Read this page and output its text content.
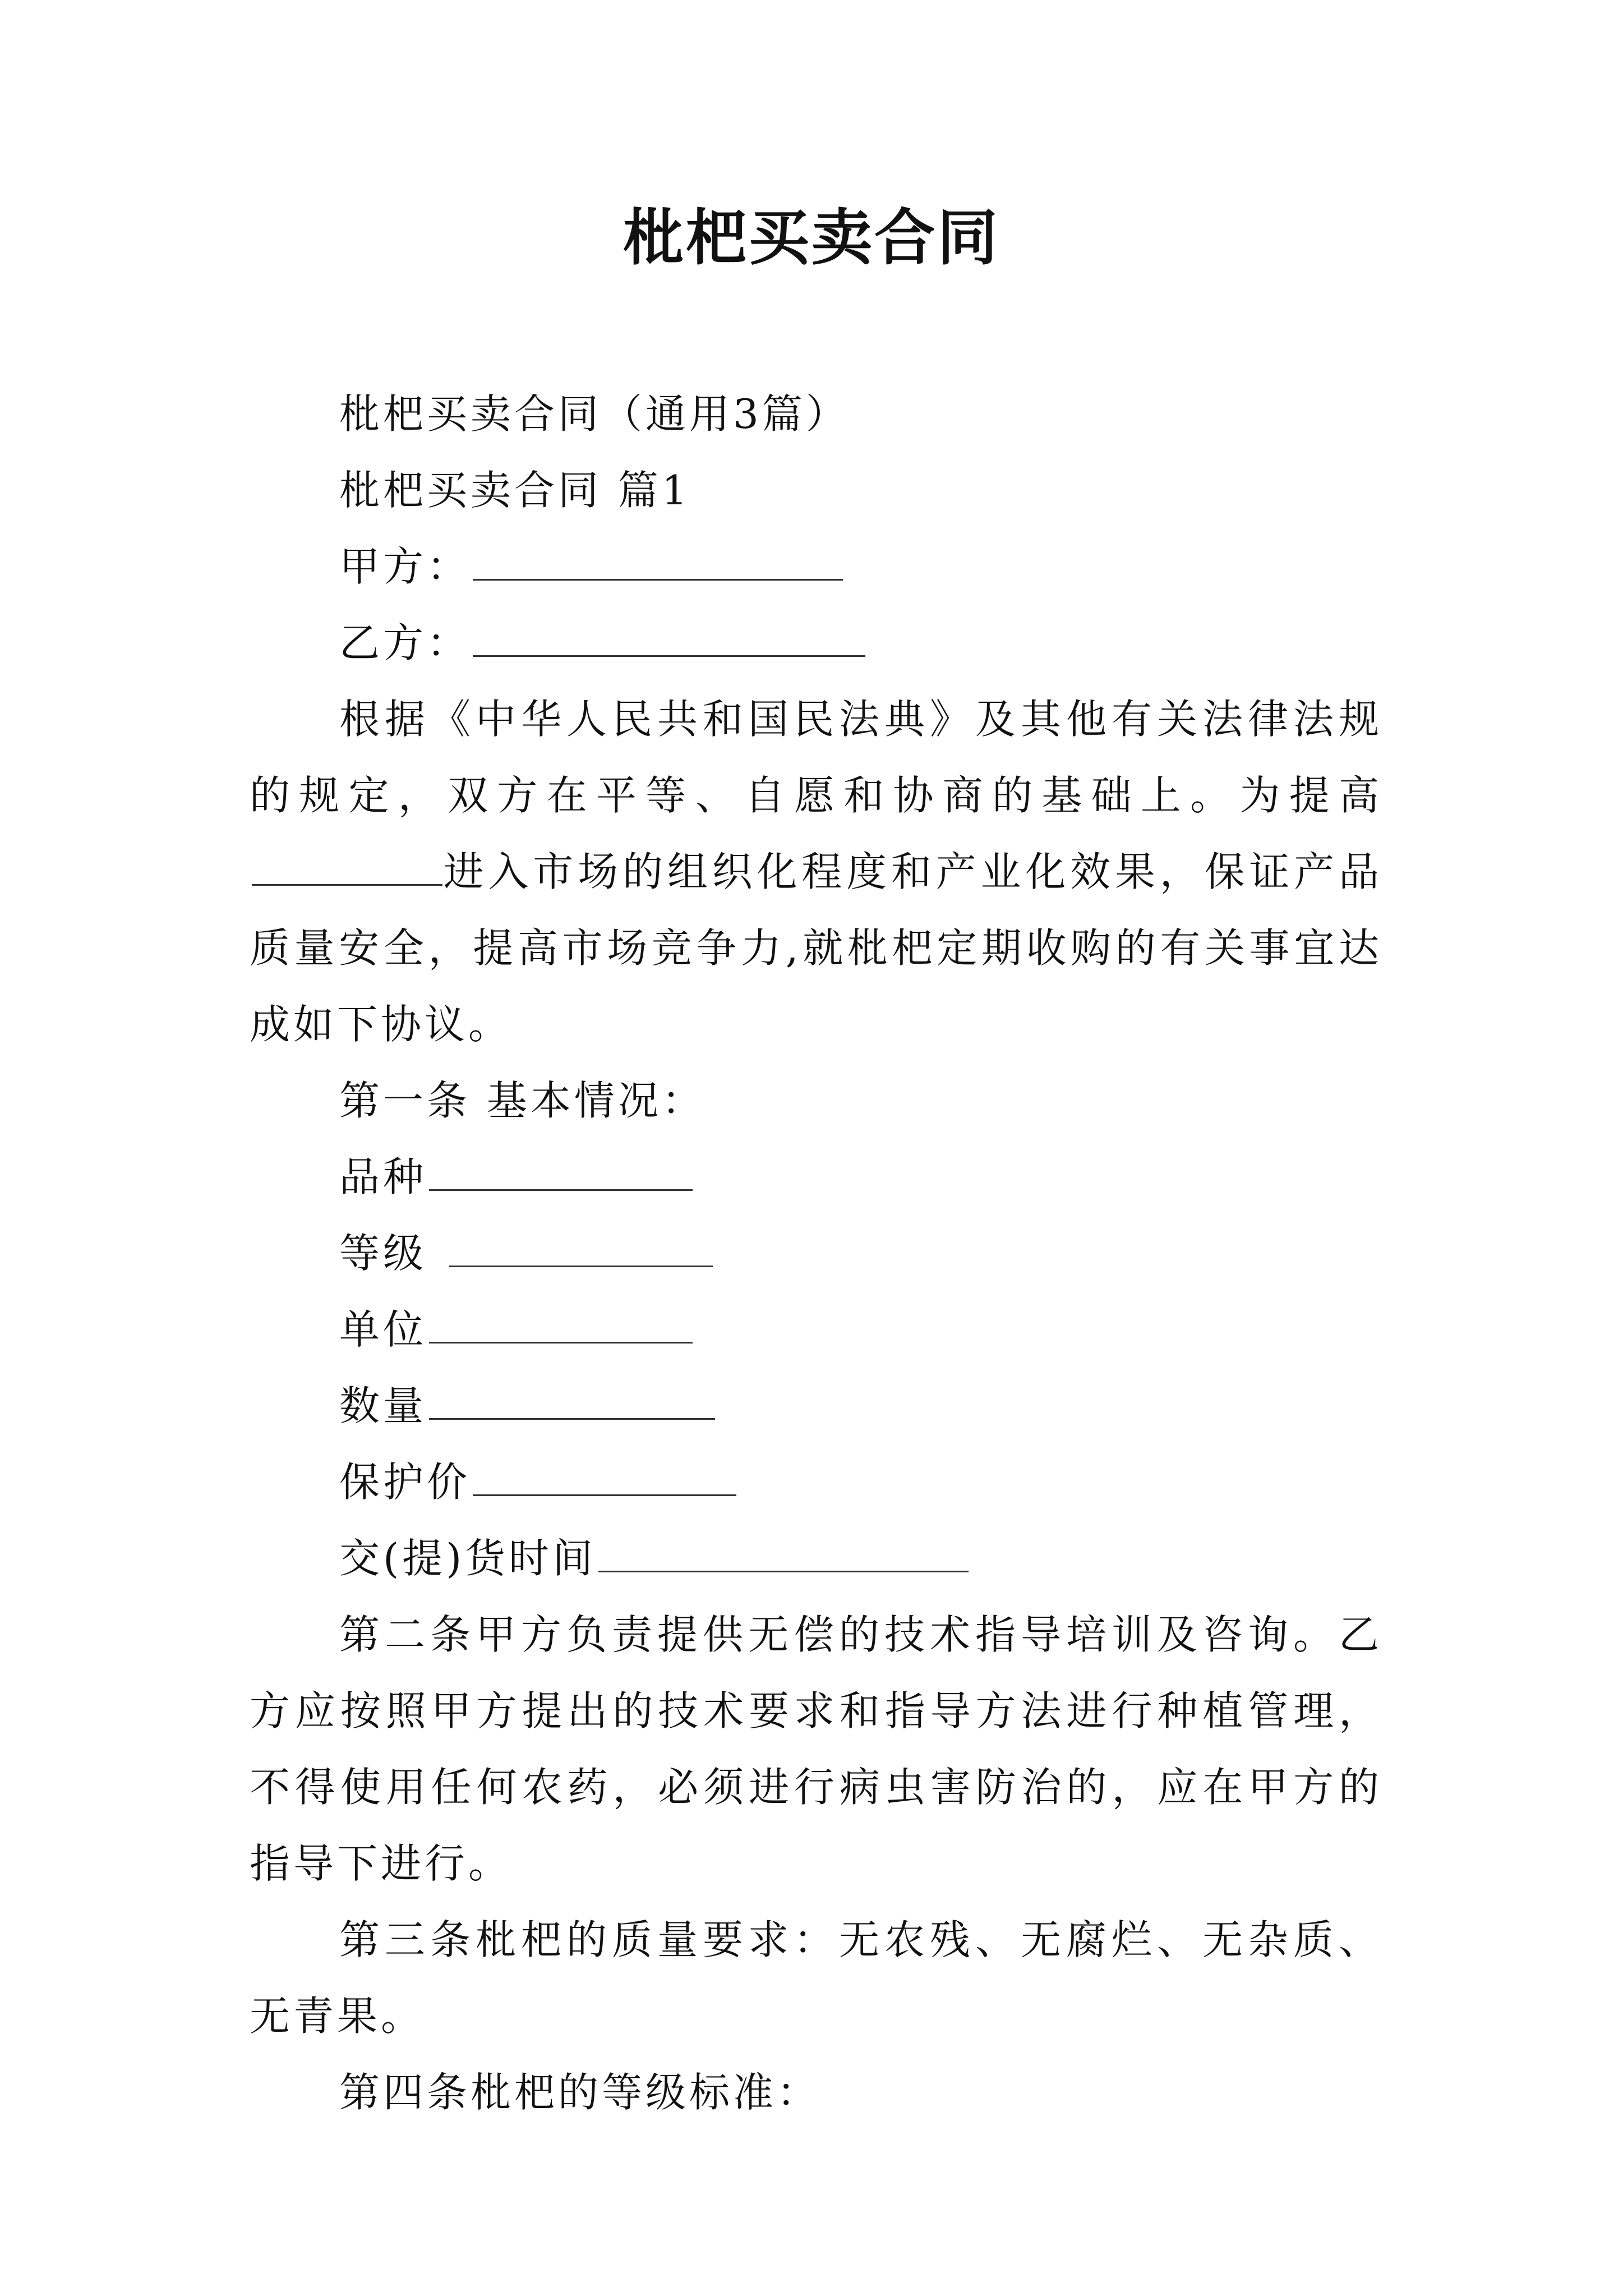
枇杷买卖合同

枇杷买卖合同（通用3篇）

枇杷买卖合同 篇1

甲方：

乙方：

根据《中华人民共和国民法典》及其他有关法律法规的规定，双方在平等、自愿和协商的基础上。为提高进入市场的组织化程度和产业化效果，保证产品质量安全，提高市场竞争力,就枇杷定期收购的有关事宜达成如下协议。

第一条 基本情况：

品种

等级

单位

数量

保护价

交(提)货时间

第二条甲方负责提供无偿的技术指导培训及咨询。乙方应按照甲方提出的技术要求和指导方法进行种植管理，不得使用任何农药，必须进行病虫害防治的，应在甲方的指导下进行。

第三条枇杷的质量要求：无农残、无腐烂、无杂质、无青果。

第四条枇杷的等级标准：
